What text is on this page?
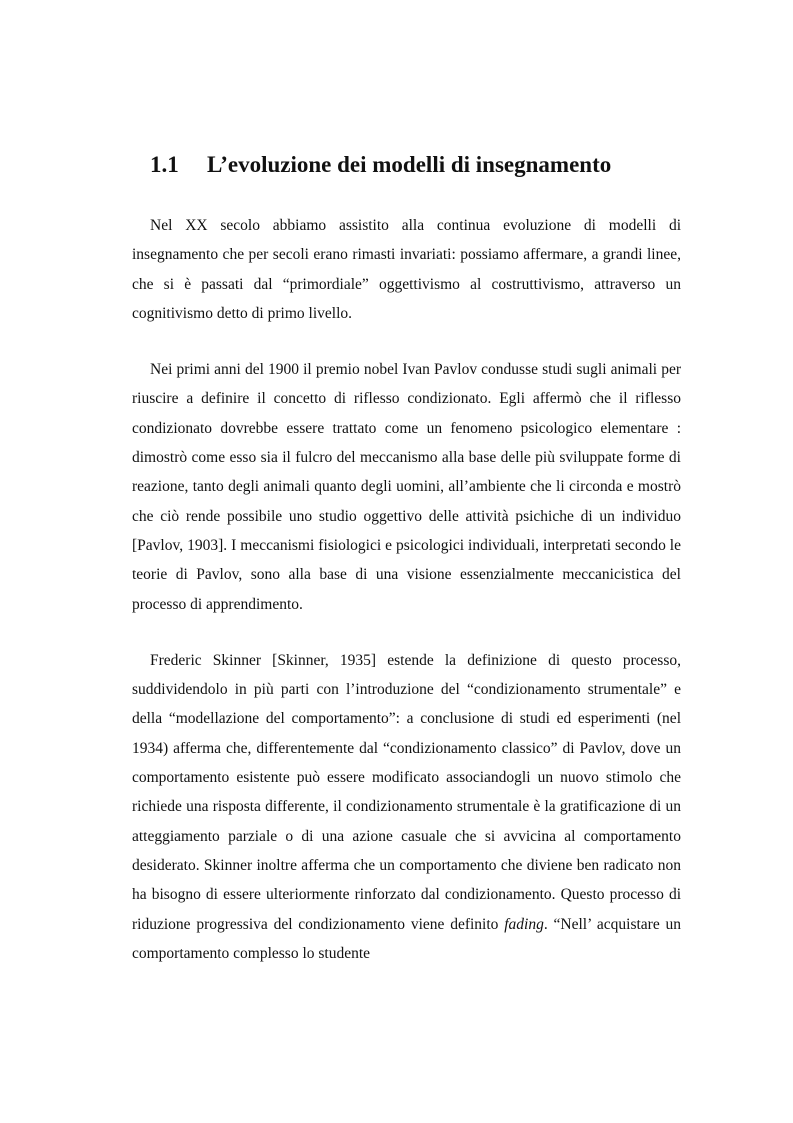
1.1 L’evoluzione dei modelli di insegnamento

Nel XX secolo abbiamo assistito alla continua evoluzione di modelli di insegnamento che per secoli erano rimasti invariati: possiamo affermare, a grandi linee, che si è passati dal “primordiale” oggettivismo al costruttivismo, attraverso un cognitivismo detto di primo livello.

Nei primi anni del 1900 il premio nobel Ivan Pavlov condusse studi sugli animali per riuscire a definire il concetto di riflesso condizionato. Egli affermò che il riflesso condizionato dovrebbe essere trattato come un fenomeno psicologico elementare : dimostrò come esso sia il fulcro del meccanismo alla base delle più sviluppate forme di reazione, tanto degli animali quanto degli uomini, all’ambiente che li circonda e mostrò che ciò rende possibile uno studio oggettivo delle attività psichiche di un individuo [Pavlov, 1903]. I meccanismi fisiologici e psicologici individuali, interpretati secondo le teorie di Pavlov, sono alla base di una visione essenzialmente meccanicistica del processo di apprendimento.

Frederic Skinner [Skinner, 1935] estende la definizione di questo processo, suddividendolo in più parti con l’introduzione del “condizionamento strumentale” e della “modellazione del comportamento”: a conclusione di studi ed esperimenti (nel 1934) afferma che, differentemente dal “condizionamento classico” di Pavlov, dove un comportamento esistente può essere modificato associandogli un nuovo stimolo che richiede una risposta differente, il condizionamento strumentale è la gratificazione di un atteggiamento parziale o di una azione casuale che si avvicina al comportamento desiderato. Skinner inoltre afferma che un comportamento che diviene ben radicato non ha bisogno di essere ulteriormente rinforzato dal condizionamento. Questo processo di riduzione progressiva del condizionamento viene definito fading. “Nell’ acquistare un comportamento complesso lo studente
